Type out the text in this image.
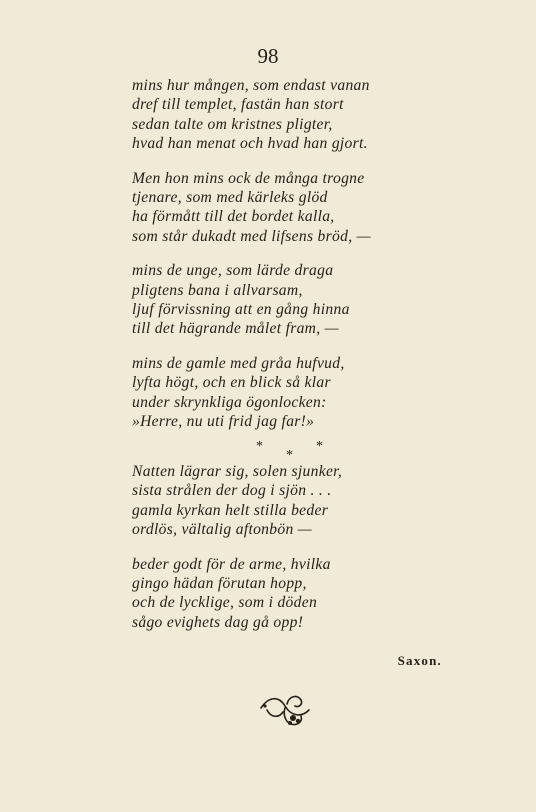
98
mins hur mången, som endast vanan
dref till templet, fastän han stort
sedan talte om kristnes pligter,
hvad han menat och hvad han gjort.
Men hon mins ock de många trogne
tjenare, som med kärleks glöd
ha förmått till det bordet kalla,
som står dukadt med lifsens bröd, —
mins de unge, som lärde draga
pligtens bana i allvarsam,
ljuf förvissning att en gång hinna
till det hägrande målet fram, —
mins de gamle med gråa hufvud,
lyfta högt, och en blick så klar
under skrynkliga ögonlocken:
»Herre, nu uti frid jag far!»
*	*
*
Natten lägrar sig, solen sjunker,
sista strålen der dog i sjön . . .
gamla kyrkan helt stilla beder
ordlös, vältalig aftonbön —
beder godt för de arme, hvilka
gingo hädan förutan hopp,
och de lycklige, som i döden
sågo evighets dag gå opp!
Saxon.
